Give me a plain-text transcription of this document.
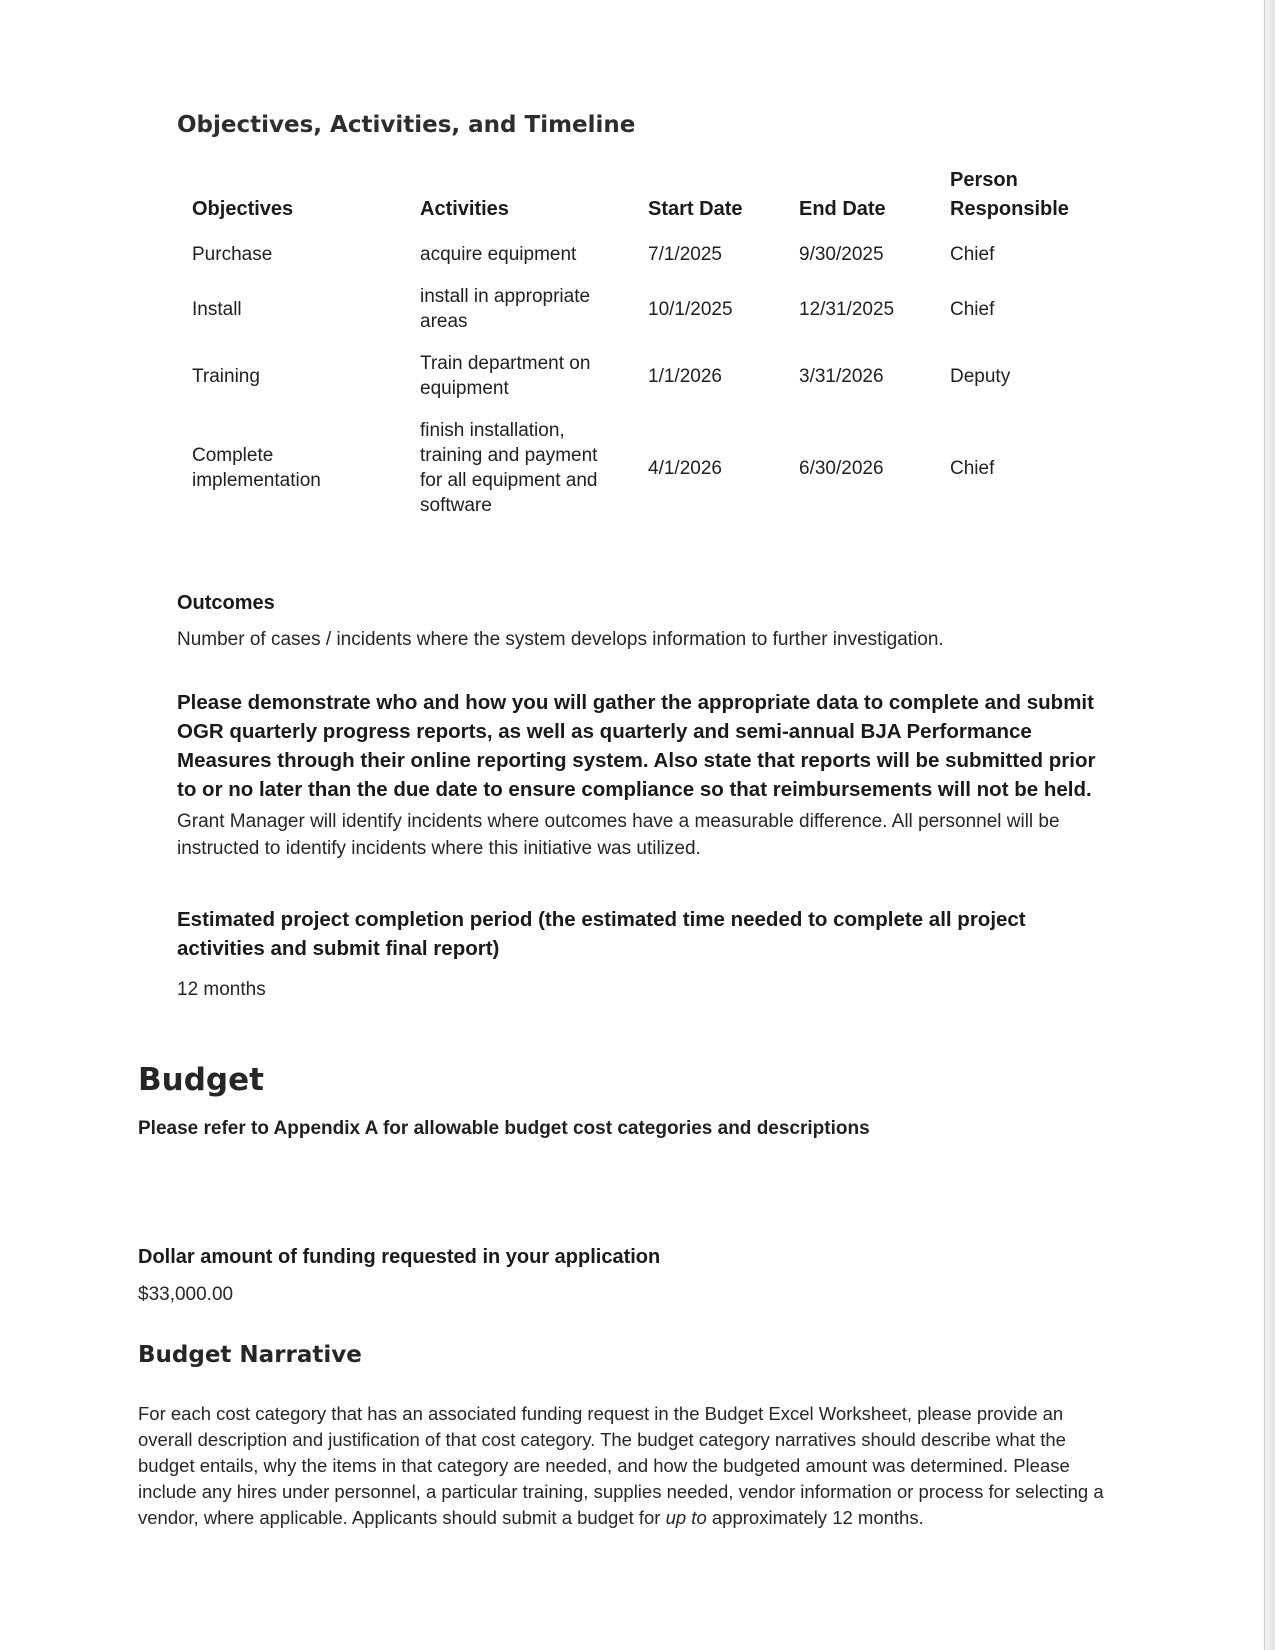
Objectives, Activities, and Timeline
Objectives	Activities	Start Date	End Date	Person Responsible
Purchase	acquire equipment	7/1/2025	9/30/2025	Chief
Install	install in appropriate areas	10/1/2025	12/31/2025	Chief
Training	Train department on equipment	1/1/2026	3/31/2026	Deputy
Complete implementation	finish installation, training and payment for all equipment and software	4/1/2026	6/30/2026	Chief

Outcomes

Number of cases / incidents where the system develops information to further investigation.

Please demonstrate who and how you will gather the appropriate data to complete and submit OGR quarterly progress reports, as well as quarterly and semi-annual BJA Performance Measures through their online reporting system. Also state that reports will be submitted prior to or no later than the due date to ensure compliance so that reimbursements will not be held.

Grant Manager will identify incidents where outcomes have a measurable difference. All personnel will be instructed to identify incidents where this initiative was utilized.

Estimated project completion period (the estimated time needed to complete all project activities and submit final report)

12 months

Budget

Please refer to Appendix A for allowable budget cost categories and descriptions

Dollar amount of funding requested in your application

$33,000.00

Budget Narrative

For each cost category that has an associated funding request in the Budget Excel Worksheet, please provide an overall description and justification of that cost category. The budget category narratives should describe what the budget entails, why the items in that category are needed, and how the budgeted amount was determined. Please include any hires under personnel, a particular training, supplies needed, vendor information or process for selecting a vendor, where applicable. Applicants should submit a budget for up to approximately 12 months.
